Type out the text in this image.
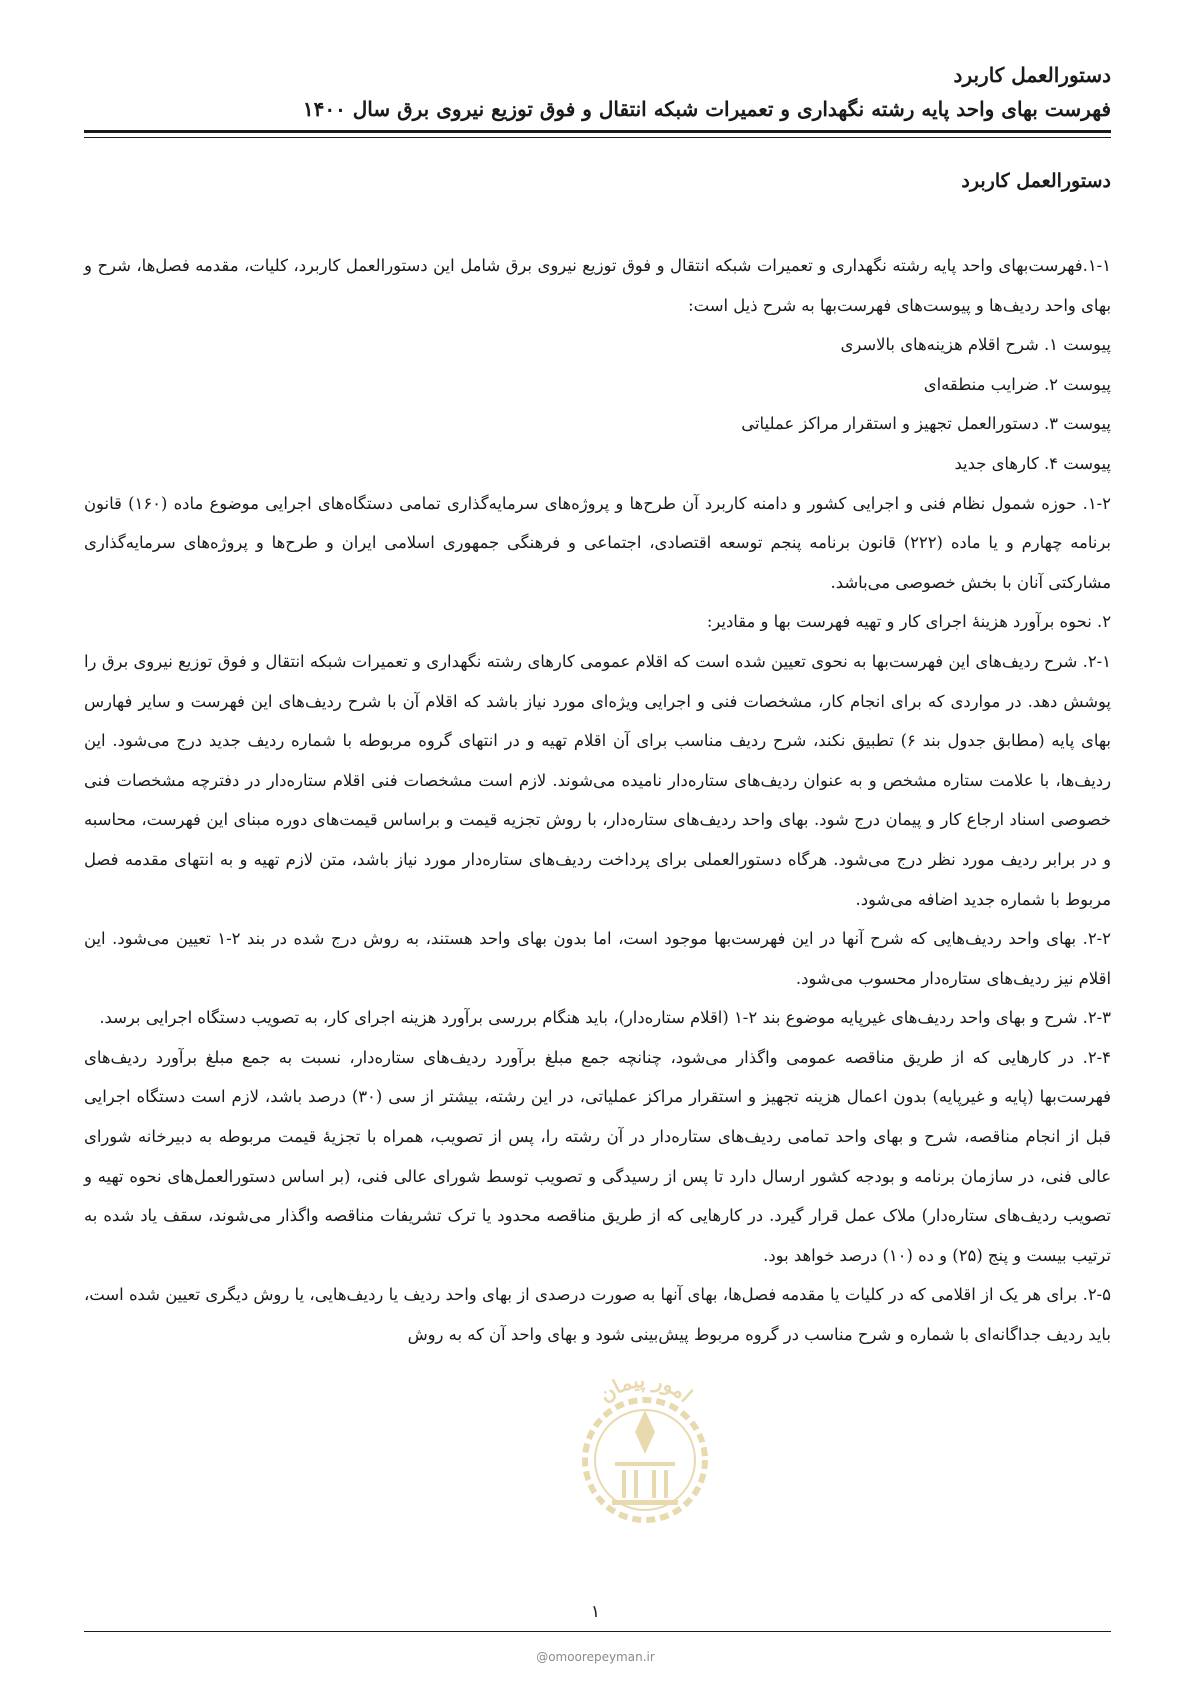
دستورالعمل کاربرد
فهرست بهای واحد پایه رشته نگهداری و تعمیرات شبکه انتقال و فوق توزیع نیروی برق سال ۱۴۰۰
دستورالعمل کاربرد

۱-۱.فهرست‌بهای واحد پایه رشته نگهداری و تعمیرات شبکه انتقال و فوق توزیع نیروی برق شامل این دستورالعمل کاربرد، کلیات، مقدمه فصل‌ها، شرح و بهای واحد ردیف‌ها و پیوست‌های فهرست‌بها به شرح ذیل است:

پیوست ۱. شرح اقلام هزینه‌های بالاسری

پیوست ۲. ضرایب منطقه‌ای

پیوست ۳. دستورالعمل تجهیز و استقرار مراکز عملیاتی

پیوست ۴. کارهای جدید

۱-۲. حوزه شمول نظام فنی و اجرایی کشور و دامنه کاربرد آن طرح‌ها و پروژه‌های سرمایه‌گذاری تمامی دستگاه‌های اجرایی موضوع ماده (۱۶۰) قانون برنامه چهارم و یا ماده (۲۲۲) قانون برنامه پنجم توسعه اقتصادی، اجتماعی و فرهنگی جمهوری اسلامی ایران و طرح‌ها و پروژه‌های سرمایه‌گذاری مشارکتی آنان با بخش خصوصی می‌باشد.

۲. نحوه برآورد هزینهٔ اجرای کار و تهیه فهرست بها و مقادیر:

۲-۱. شرح ردیف‌های این فهرست‌بها به نحوی تعیین شده است که اقلام عمومی کارهای رشته نگهداری و تعمیرات شبکه انتقال و فوق توزیع نیروی برق را پوشش دهد. در مواردی که برای انجام کار، مشخصات فنی و اجرایی ویژه‌ای مورد نیاز باشد که اقلام آن با شرح ردیف‌های این فهرست و سایر فهارس بهای پایه (مطابق جدول بند ۶) تطبیق نکند، شرح ردیف مناسب برای آن اقلام تهیه و در انتهای گروه مربوطه با شماره ردیف جدید درج می‌شود. این ردیف‌ها، با علامت ستاره مشخص و به عنوان ردیف‌های ستاره‌دار نامیده می‌شوند. لازم است مشخصات فنی اقلام ستاره‌دار در دفترچه مشخصات فنی خصوصی اسناد ارجاع کار و پیمان درج شود. بهای واحد ردیف‌های ستاره‌دار، با روش تجزیه قیمت و براساس قیمت‌های دوره مبنای این فهرست، محاسبه و در برابر ردیف مورد نظر درج می‌شود. هرگاه دستورالعملی برای پرداخت ردیف‌های ستاره‌دار مورد نیاز باشد، متن لازم تهیه و به انتهای مقدمه فصل مربوط با شماره جدید اضافه می‌شود.

۲-۲. بهای واحد ردیف‌هایی که شرح آنها در این فهرست‌بها موجود است، اما بدون بهای واحد هستند، به روش درج شده در بند ۲-۱ تعیین می‌شود. این اقلام نیز ردیف‌های ستاره‌دار محسوب می‌شود.

۲-۳. شرح و بهای واحد ردیف‌های غیرپایه موضوع بند ۲-۱ (اقلام ستاره‌دار)، باید هنگام بررسی برآورد هزینه اجرای کار، به تصویب دستگاه اجرایی برسد.

۲-۴. در کارهایی که از طریق مناقصه عمومی واگذار می‌شود، چنانچه جمع مبلغ برآورد ردیف‌های ستاره‌دار، نسبت به جمع مبلغ برآورد ردیف‌های فهرست‌بها (پایه و غیرپایه) بدون اعمال هزینه تجهیز و استقرار مراکز عملیاتی، در این رشته، بیشتر از سی (۳۰) درصد باشد، لازم است دستگاه اجرایی قبل از انجام مناقصه، شرح و بهای واحد تمامی ردیف‌های ستاره‌دار در آن رشته را، پس از تصویب، همراه با تجزیهٔ قیمت مربوطه به دبیرخانه شورای عالی فنی، در سازمان برنامه و بودجه کشور ارسال دارد تا پس از رسیدگی و تصویب توسط شورای عالی فنی، (بر اساس دستورالعمل‌های نحوه تهیه و تصویب ردیف‌های ستاره‌دار) ملاک عمل قرار گیرد. در کارهایی که از طریق مناقصه محدود یا ترک تشریفات مناقصه واگذار می‌شوند، سقف یاد شده به ترتیب بیست و پنج (۲۵) و ده (۱۰) درصد خواهد بود.

۲-۵. برای هر یک از اقلامی که در کلیات یا مقدمه فصل‌ها، بهای آنها به صورت درصدی از بهای واحد ردیف یا ردیف‌هایی، یا روش دیگری تعیین شده است، باید ردیف جداگانه‌ای با شماره و شرح مناسب در گروه مربوط پیش‌بینی شود و بهای واحد آن که به روش

امور پیمان
۱
@omoorepeyman.ir
